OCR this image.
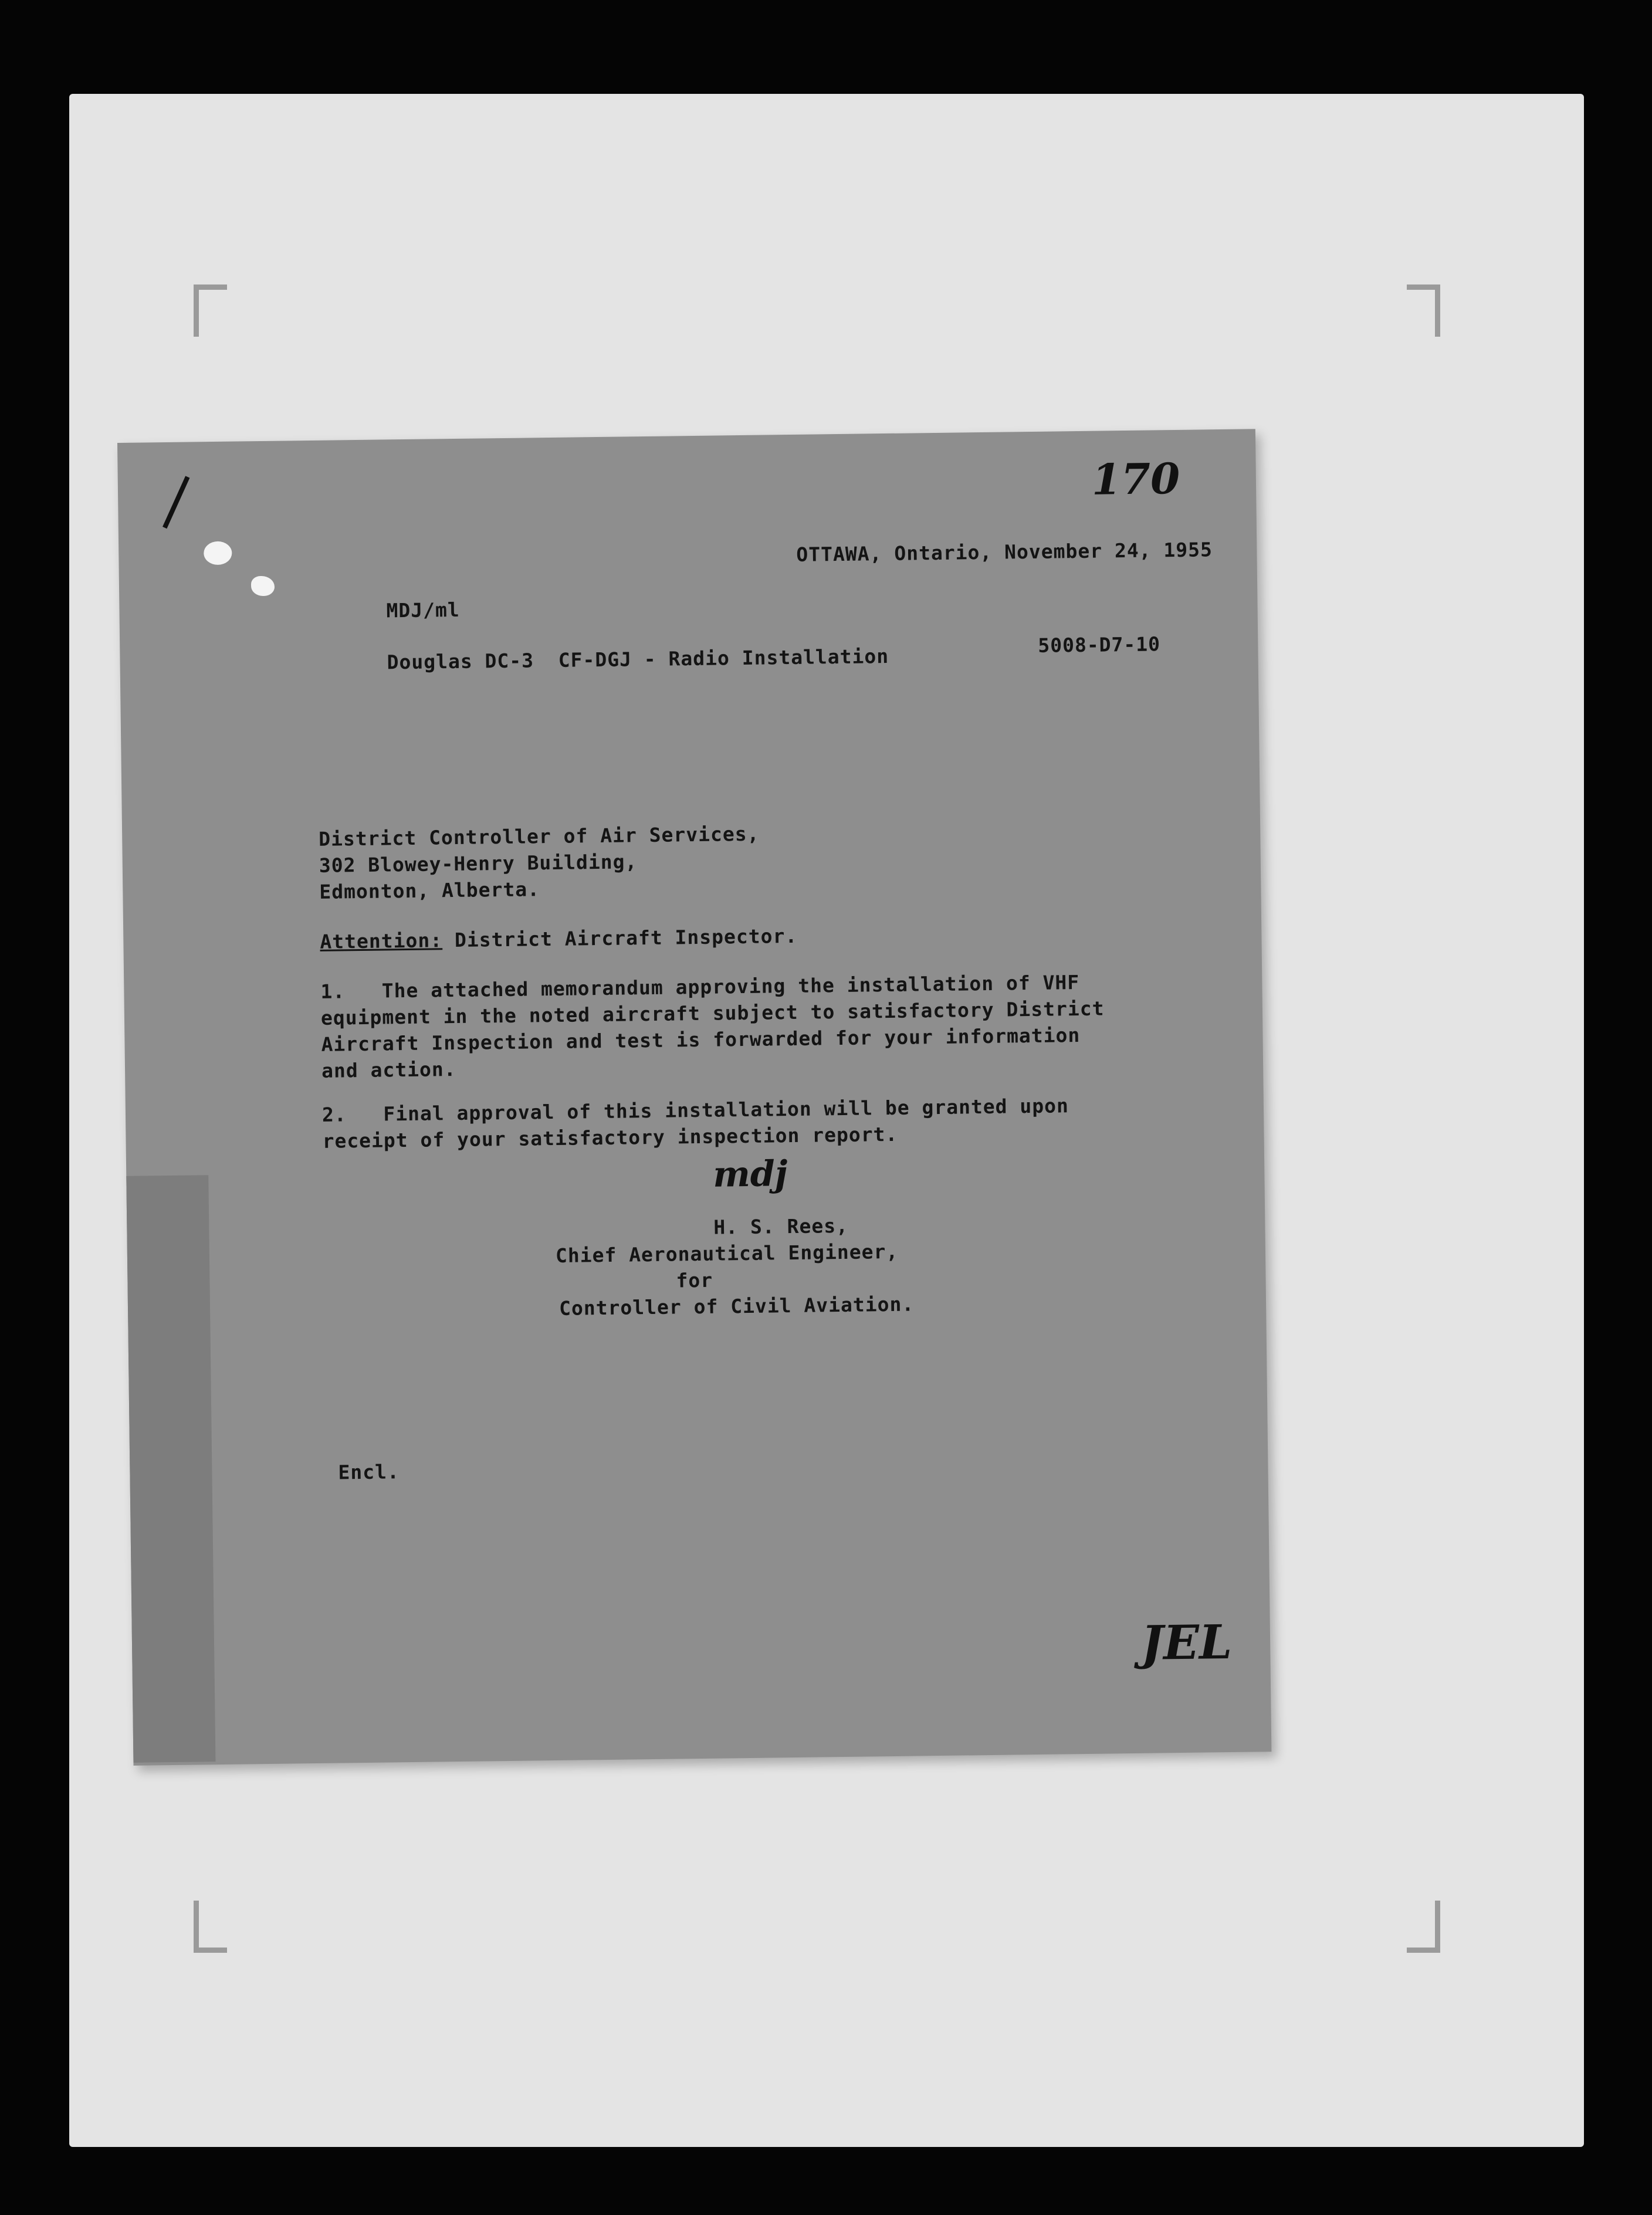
170
OTTAWA, Ontario, November 24, 1955
MDJ/ml
Douglas DC-3  CF-DGJ - Radio Installation	5008-D7-10
District Controller of Air Services,
302 Blowey-Henry Building,
Edmonton, Alberta.
Attention: District Aircraft Inspector.
1.   The attached memorandum approving the installation of VHF
equipment in the noted aircraft subject to satisfactory District
Aircraft Inspection and test is forwarded for your information
and action.
2.   Final approval of this installation will be granted upon
receipt of your satisfactory inspection report.
mdj
H. S. Rees,
Chief Aeronautical Engineer,
for
Controller of Civil Aviation.
Encl.
JEL
